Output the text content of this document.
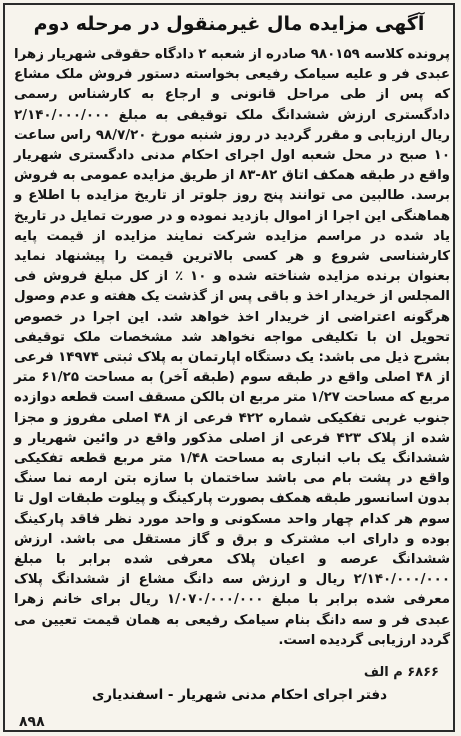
آگهی مزایده مال غیرمنقول در مرحله دوم
پرونده کلاسه ۹۸۰۱۵۹ صادره از شعبه ۲ دادگاه حقوقی شهریار زهرا عبدی فر و علیه سیامک رفیعی بخواسته دستور فروش ملک مشاع که پس از طی مراحل قانونی و ارجاع به کارشناس رسمی دادگستری ارزش ششدانگ ملک توقیفی به مبلغ ۲/۱۴۰/۰۰۰/۰۰۰ ریال ارزیابی و مقرر گردید در روز شنبه مورخ ۹۸/۷/۲۰ راس ساعت ۱۰ صبح در محل شعبه اول اجرای احکام مدنی دادگستری شهریار واقع در طبقه همکف اتاق ۸۲-۸۳ از طریق مزایده عمومی به فروش برسد. طالبین می توانند پنج روز جلوتر از تاریخ مزایده با اطلاع و هماهنگی این اجرا از اموال بازدید نموده و در صورت تمایل در تاریخ یاد شده در مراسم مزایده شرکت نمایند مزایده از قیمت پایه کارشناسی شروع و هر کسی بالاترین قیمت را پیشنهاد نماید بعنوان برنده مزایده شناخته شده و ۱۰ ٪ از کل مبلغ فروش فی المجلس از خریدار اخذ و باقی پس از گذشت یک هفته و عدم وصول هرگونه اعتراضی از خریدار اخذ خواهد شد. این اجرا در خصوص تحویل ان با تکلیفی مواجه نخواهد شد مشخصات ملک توقیفی بشرح ذیل می باشد: یک دستگاه اپارتمان به پلاک ثبتی ۱۴۹۷۴ فرعی از ۴۸ اصلی واقع در طبقه سوم (طبقه آخر) به مساحت ۶۱/۲۵ متر مربع که مساحت ۱/۲۷ متر مربع ان بالکن مسقف است قطعه دوازده جنوب غربی تفکیکی شماره ۴۲۲ فرعی از ۴۸ اصلی مفروز و مجزا شده از پلاک ۴۲۳ فرعی از اصلی مذکور واقع در وائین شهریار و ششدانگ یک باب انباری به مساحت ۱/۴۸ متر مربع قطعه تفکیکی واقع در پشت بام می باشد ساختمان با سازه بتن ارمه نما سنگ بدون اسانسور طبقه همکف بصورت پارکینگ و پیلوت طبقات اول تا سوم هر کدام چهار واحد مسکونی و واحد مورد نظر فاقد پارکینگ بوده و دارای اب مشترک و برق و گاز مستقل می باشد. ارزش ششدانگ عرصه و اعیان پلاک معرفی شده برابر با مبلغ ۲/۱۴۰/۰۰۰/۰۰۰ ریال و ارزش سه دانگ مشاع از ششدانگ پلاک معرفی شده برابر با مبلغ ۱/۰۷۰/۰۰۰/۰۰۰ ریال برای خانم زهرا عبدی فر و سه دانگ بنام سیامک رفیعی به همان قیمت تعیین می گردد ارزیابی گردیده است.
۶۸۶۶ م الف
دفتر اجرای احکام مدنی شهریار - اسفندیاری
۸۹۸
